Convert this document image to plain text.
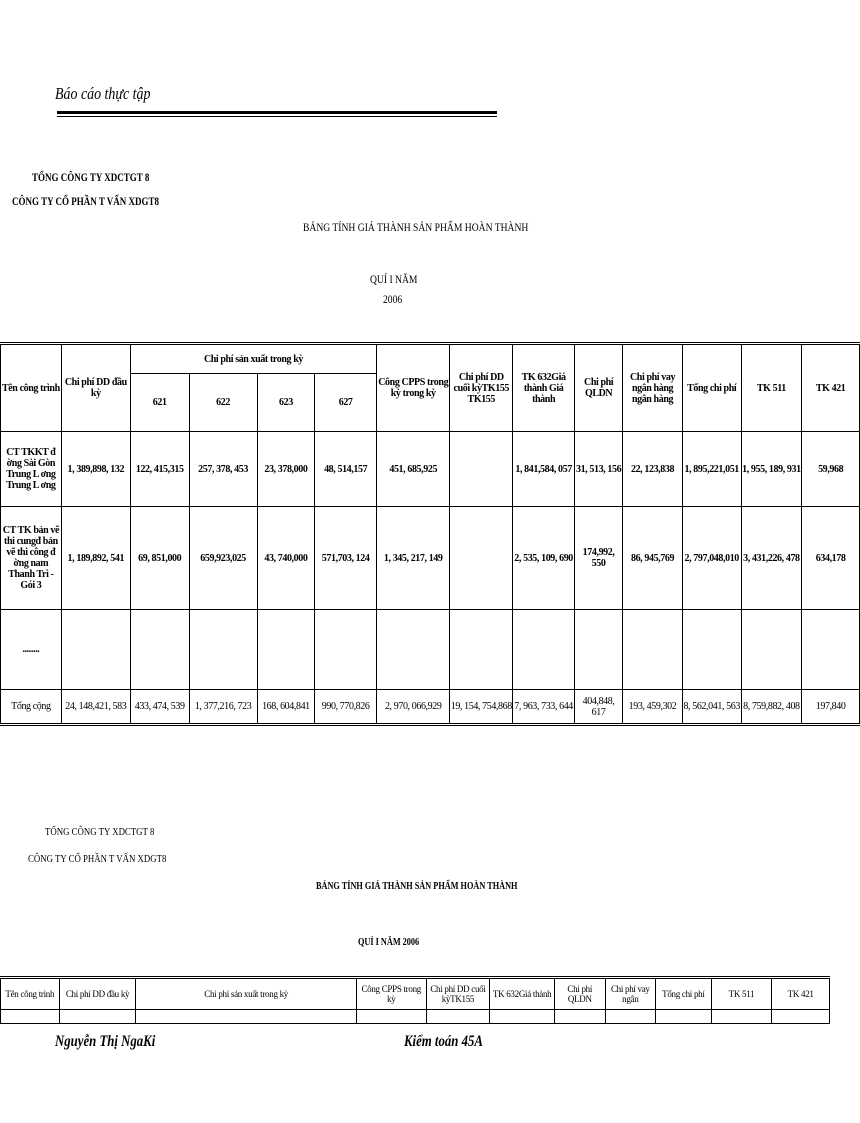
Báo cáo thực tập
TỔNG CÔNG TY XDCTGT 8
CÔNG TY CỔ PHẦN T VẤN XDGT8
BẢNG TÍNH GIÁ THÀNH SẢN PHẨM HOÀN THÀNH
QUÍ I NĂM
2006
Tên công trình	Chi phí DD đầu kỳ	Chi phí sản xuất trong kỳ				Công CPPS trong kỳ trong kỳ	Chi phí DD cuối kỳTK155 TK155	TK 632Giá thành Giá thành	Chi phí QLDN	Chi phí vay ngân hàng ngân hàng	Tổng chi phí	TK 511	TK 421
		621	622	623	627								
CT TKKT đ ờng Sài Gòn Trung L ơng Trung L ơng	1, 389,898, 132	122, 415,315	257, 378, 453	23, 378,000	48, 514,157	451, 685,925		1, 841,584, 057	31, 513, 156	22, 123,838	1, 895,221,051	1, 955, 189, 931	59,968
CT TK bản vẽ thi cungđ bản vẽ thi công đ ờng nam Thanh Trì - Gói 3	1, 189,892, 541	69, 851,000	659,923,025	43, 740,000	571,703, 124	1, 345, 217, 149		2, 535, 109, 690	174,992, 550	86, 945,769	2, 797,048,010	3, 431,226, 478	634,178
........													
Tổng cộng	24, 148,421, 583	433, 474, 539	1, 377,216, 723	168, 604,841	990, 770,826	2, 970, 066,929	19, 154, 754,868	7, 963, 733, 644	404,848, 617	193, 459,302	8, 562,041, 563	8, 759,882, 408	197,840
TỔNG CÔNG TY XDCTGT 8
CÔNG TY CỔ PHẦN T VẤN XDGT8
BẢNG TÍNH GIÁ THÀNH SẢN PHẨM HOÀN THÀNH
QUÍ I NĂM 2006
Tên công trình	Chi phí DD đầu kỳ	Chi phí sản xuất trong kỳ	Công CPPS trong kỳ	Chi phí DD cuối kỳTK155	TK 632Giá thành	Chi phí QLDN	Chi phí vay ngân	Tổng chi phí	TK 511	TK 421

Nguyễn Thị NgaKi	Kiểm toán 45A
